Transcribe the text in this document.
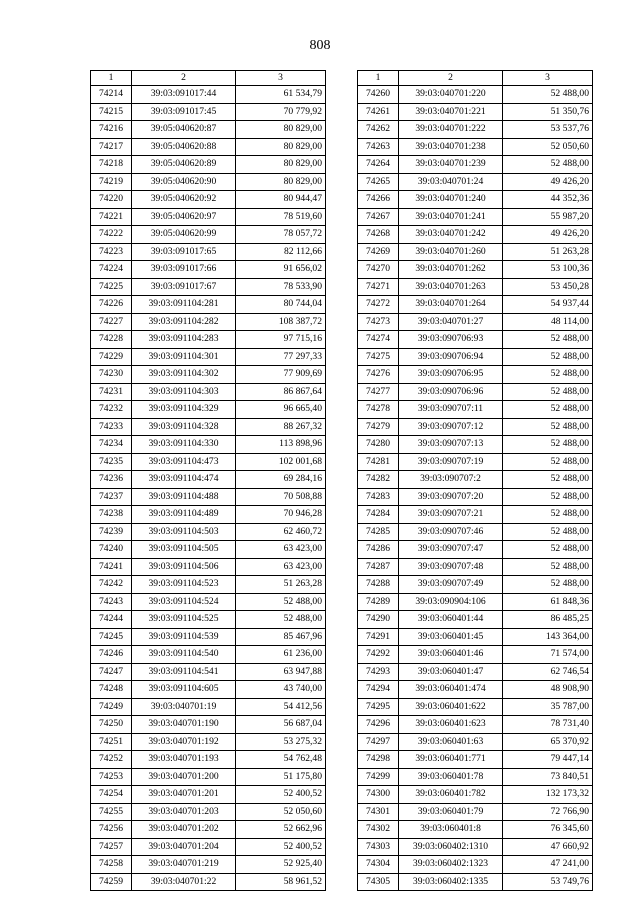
808
1	2	3
74214	39:03:091017:44	61 534,79
74215	39:03:091017:45	70 779,92
74216	39:05:040620:87	80 829,00
74217	39:05:040620:88	80 829,00
74218	39:05:040620:89	80 829,00
74219	39:05:040620:90	80 829,00
74220	39:05:040620:92	80 944,47
74221	39:05:040620:97	78 519,60
74222	39:05:040620:99	78 057,72
74223	39:03:091017:65	82 112,66
74224	39:03:091017:66	91 656,02
74225	39:03:091017:67	78 533,90
74226	39:03:091104:281	80 744,04
74227	39:03:091104:282	108 387,72
74228	39:03:091104:283	97 715,16
74229	39:03:091104:301	77 297,33
74230	39:03:091104:302	77 909,69
74231	39:03:091104:303	86 867,64
74232	39:03:091104:329	96 665,40
74233	39:03:091104:328	88 267,32
74234	39:03:091104:330	113 898,96
74235	39:03:091104:473	102 001,68
74236	39:03:091104:474	69 284,16
74237	39:03:091104:488	70 508,88
74238	39:03:091104:489	70 946,28
74239	39:03:091104:503	62 460,72
74240	39:03:091104:505	63 423,00
74241	39:03:091104:506	63 423,00
74242	39:03:091104:523	51 263,28
74243	39:03:091104:524	52 488,00
74244	39:03:091104:525	52 488,00
74245	39:03:091104:539	85 467,96
74246	39:03:091104:540	61 236,00
74247	39:03:091104:541	63 947,88
74248	39:03:091104:605	43 740,00
74249	39:03:040701:19	54 412,56
74250	39:03:040701:190	56 687,04
74251	39:03:040701:192	53 275,32
74252	39:03:040701:193	54 762,48
74253	39:03:040701:200	51 175,80
74254	39:03:040701:201	52 400,52
74255	39:03:040701:203	52 050,60
74256	39:03:040701:202	52 662,96
74257	39:03:040701:204	52 400,52
74258	39:03:040701:219	52 925,40
74259	39:03:040701:22	58 961,52
1	2	3
74260	39:03:040701:220	52 488,00
74261	39:03:040701:221	51 350,76
74262	39:03:040701:222	53 537,76
74263	39:03:040701:238	52 050,60
74264	39:03:040701:239	52 488,00
74265	39:03:040701:24	49 426,20
74266	39:03:040701:240	44 352,36
74267	39:03:040701:241	55 987,20
74268	39:03:040701:242	49 426,20
74269	39:03:040701:260	51 263,28
74270	39:03:040701:262	53 100,36
74271	39:03:040701:263	53 450,28
74272	39:03:040701:264	54 937,44
74273	39:03:040701:27	48 114,00
74274	39:03:090706:93	52 488,00
74275	39:03:090706:94	52 488,00
74276	39:03:090706:95	52 488,00
74277	39:03:090706:96	52 488,00
74278	39:03:090707:11	52 488,00
74279	39:03:090707:12	52 488,00
74280	39:03:090707:13	52 488,00
74281	39:03:090707:19	52 488,00
74282	39:03:090707:2	52 488,00
74283	39:03:090707:20	52 488,00
74284	39:03:090707:21	52 488,00
74285	39:03:090707:46	52 488,00
74286	39:03:090707:47	52 488,00
74287	39:03:090707:48	52 488,00
74288	39:03:090707:49	52 488,00
74289	39:03:090904:106	61 848,36
74290	39:03:060401:44	86 485,25
74291	39:03:060401:45	143 364,00
74292	39:03:060401:46	71 574,00
74293	39:03:060401:47	62 746,54
74294	39:03:060401:474	48 908,90
74295	39:03:060401:622	35 787,00
74296	39:03:060401:623	78 731,40
74297	39:03:060401:63	65 370,92
74298	39:03:060401:771	79 447,14
74299	39:03:060401:78	73 840,51
74300	39:03:060401:782	132 173,32
74301	39:03:060401:79	72 766,90
74302	39:03:060401:8	76 345,60
74303	39:03:060402:1310	47 660,92
74304	39:03:060402:1323	47 241,00
74305	39:03:060402:1335	53 749,76
